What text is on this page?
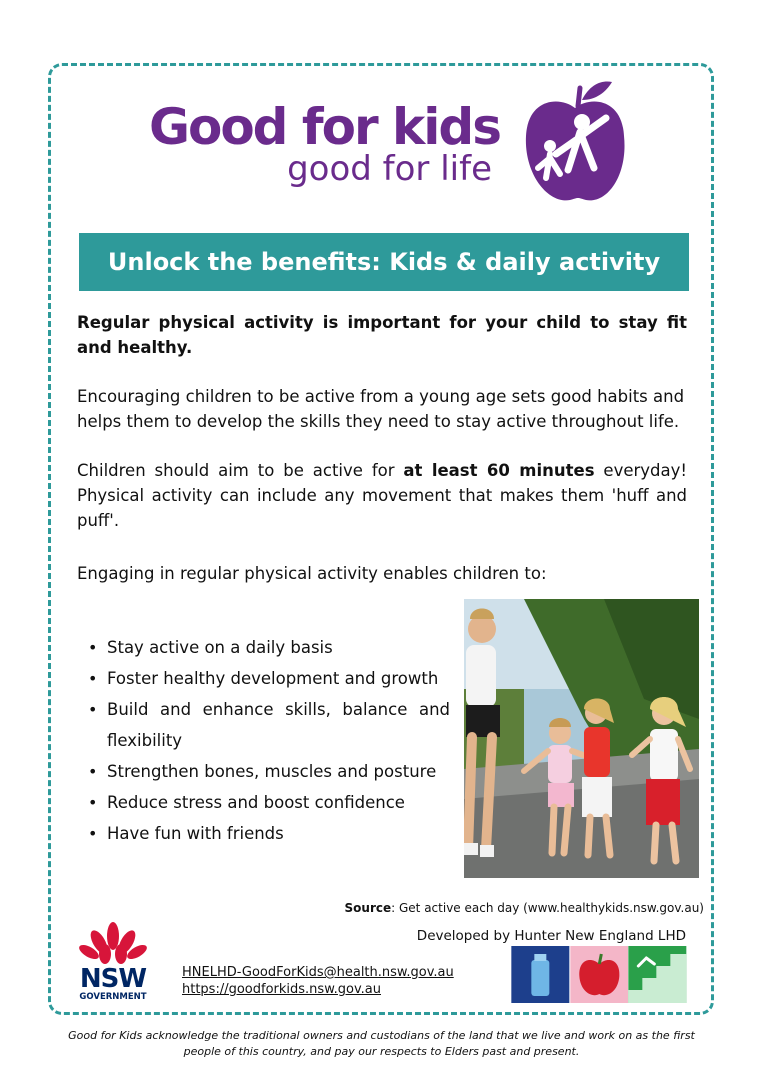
Good for kids
good for life
Unlock the benefits: Kids & daily activity
Regular physical activity is important for your child to stay fit and healthy.
Encouraging children to be active from a young age sets good habits and helps them to develop the skills they need to stay active throughout life.
Children should aim to be active for at least 60 minutes everyday! Physical activity can include any movement that makes them 'huff and puff'.
Engaging in regular physical activity enables children to:
• Stay active on a daily basis
• Foster healthy development and growth
• Build and enhance skills, balance and flexibility
• Strengthen bones, muscles and posture
• Reduce stress and boost confidence
• Have fun with friends
Source: Get active each day (www.healthykids.nsw.gov.au)
Developed by Hunter New England LHD
NSW
GOVERNMENT
HNELHD-GoodForKids@health.nsw.gov.au
https://goodforkids.nsw.gov.au
Good for Kids acknowledge the traditional owners and custodians of the land that we live and work on as the first people of this country, and pay our respects to Elders past and present.
